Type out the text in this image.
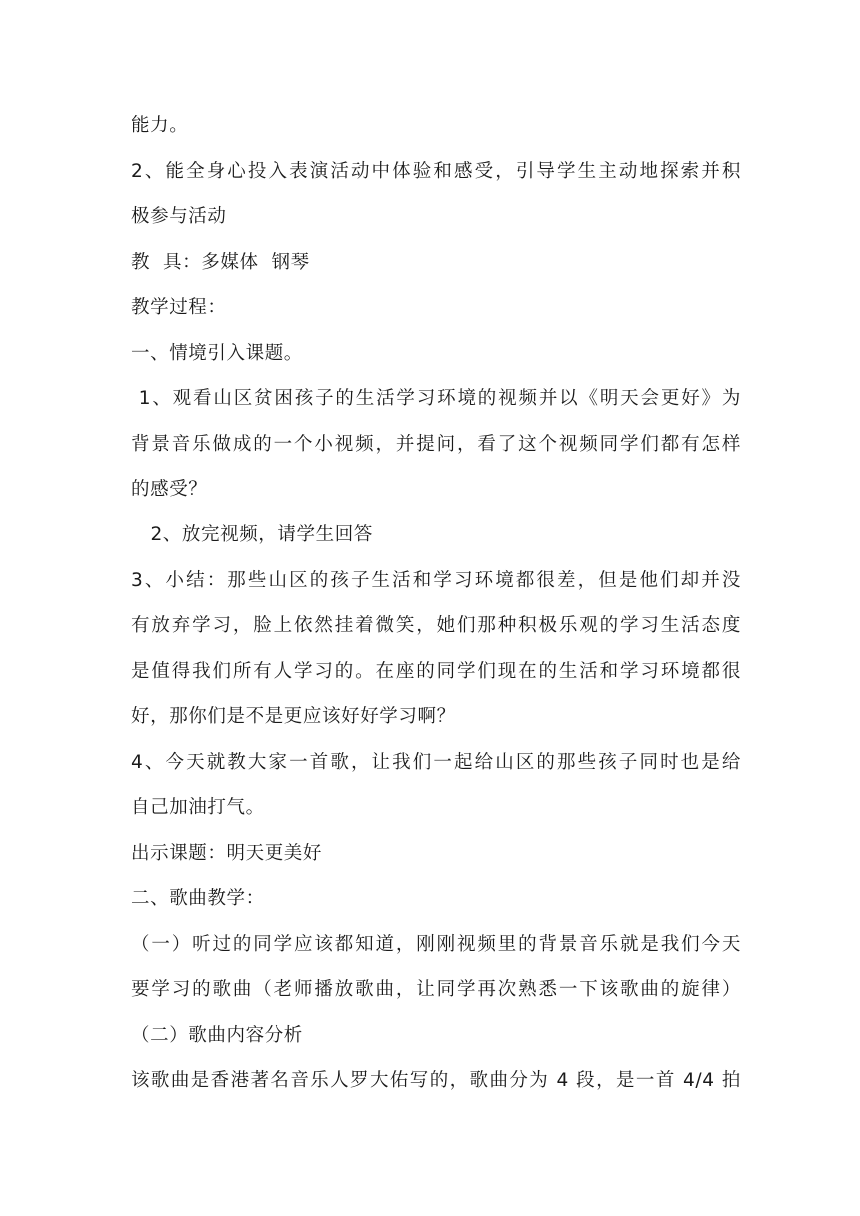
能力。
2、能全身心投入表演活动中体验和感受，引导学生主动地探索并积
极参与活动
教  具：多媒体  钢琴
教学过程：
一、情境引入课题。
1、观看山区贫困孩子的生活学习环境的视频并以《明天会更好》为
背景音乐做成的一个小视频，并提问，看了这个视频同学们都有怎样
的感受？
2、放完视频，请学生回答
3、小结：那些山区的孩子生活和学习环境都很差，但是他们却并没
有放弃学习，脸上依然挂着微笑，她们那种积极乐观的学习生活态度
是值得我们所有人学习的。在座的同学们现在的生活和学习环境都很
好，那你们是不是更应该好好学习啊？
4、今天就教大家一首歌，让我们一起给山区的那些孩子同时也是给
自己加油打气。
出示课题：明天更美好
二、歌曲教学：
（一）听过的同学应该都知道，刚刚视频里的背景音乐就是我们今天
要学习的歌曲（老师播放歌曲，让同学再次熟悉一下该歌曲的旋律）
（二）歌曲内容分析
该歌曲是香港著名音乐人罗大佑写的，歌曲分为 4 段，是一首 4/4 拍
